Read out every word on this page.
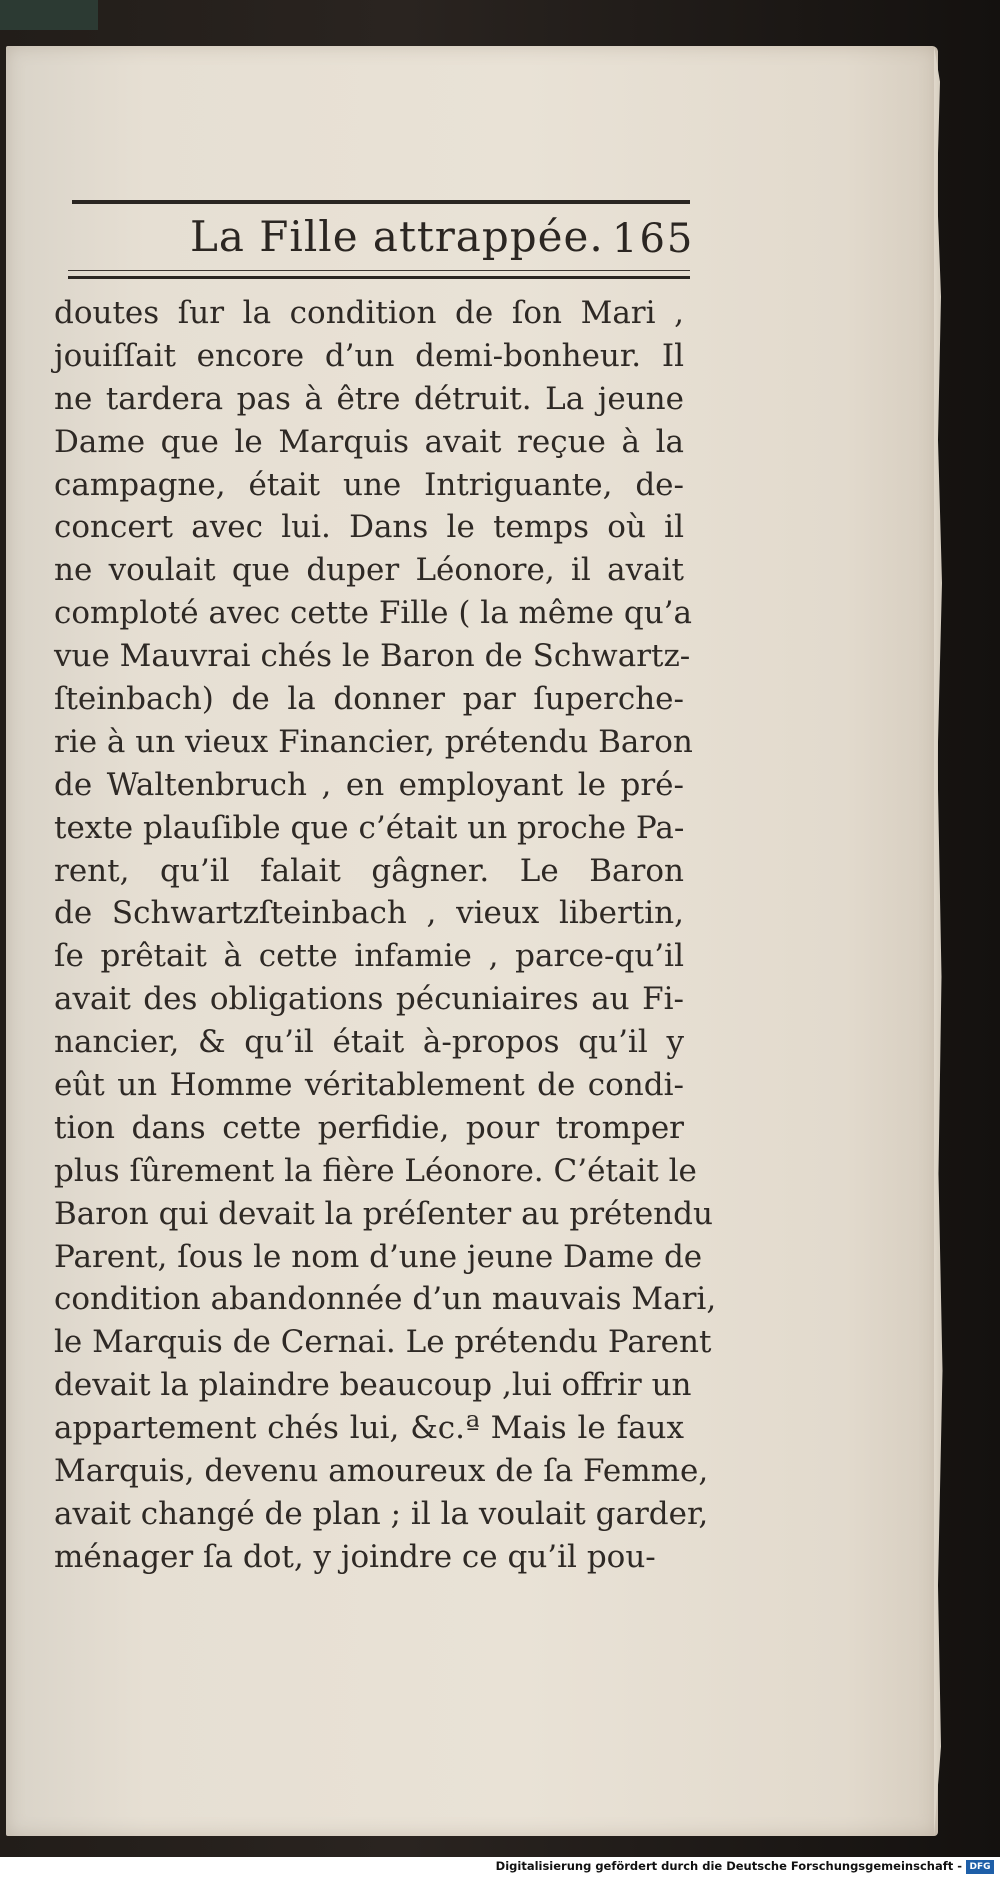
La Fille attrappée. 165
doutes ſur la condition de ſon Mari ,
jouiſſait encore d’un demi-bonheur. Il
ne tardera pas à être détruit. La jeune
Dame que le Marquis avait reçue à la
campagne, était une Intriguante, de-
concert avec lui. Dans le temps où il
ne voulait que duper Léonore, il avait
comploté avec cette Fille ( la même qu’a
vue Mauvrai chés le Baron de Schwartz-
ſteinbach) de la donner par ſuperche-
rie à un vieux Financier, prétendu Baron
de Waltenbruch , en employant le pré-
texte plauſible que c’était un proche Pa-
rent, qu’il falait gâgner. Le Baron
de Schwartzſteinbach , vieux libertin,
ſe prêtait à cette infamie , parce-qu’il
avait des obligations pécuniaires au Fi-
nancier, & qu’il était à-propos qu’il y
eût un Homme véritablement de condi-
tion dans cette perfidie, pour tromper
plus ſûrement la fière Léonore. C’était le
Baron qui devait la préſenter au prétendu
Parent, ſous le nom d’une jeune Dame de
condition abandonnée d’un mauvais Mari,
le Marquis de Cernai. Le prétendu Parent
devait la plaindre beaucoup ,lui offrir un
appartement chés lui, &c.ª Mais le faux
Marquis, devenu amoureux de ſa Femme,
avait changé de plan ; il la voulait garder,
ménager ſa dot, y joindre ce qu’il pou-
Digitalisierung gefördert durch die Deutsche Forschungsgemeinschaft - DFG
